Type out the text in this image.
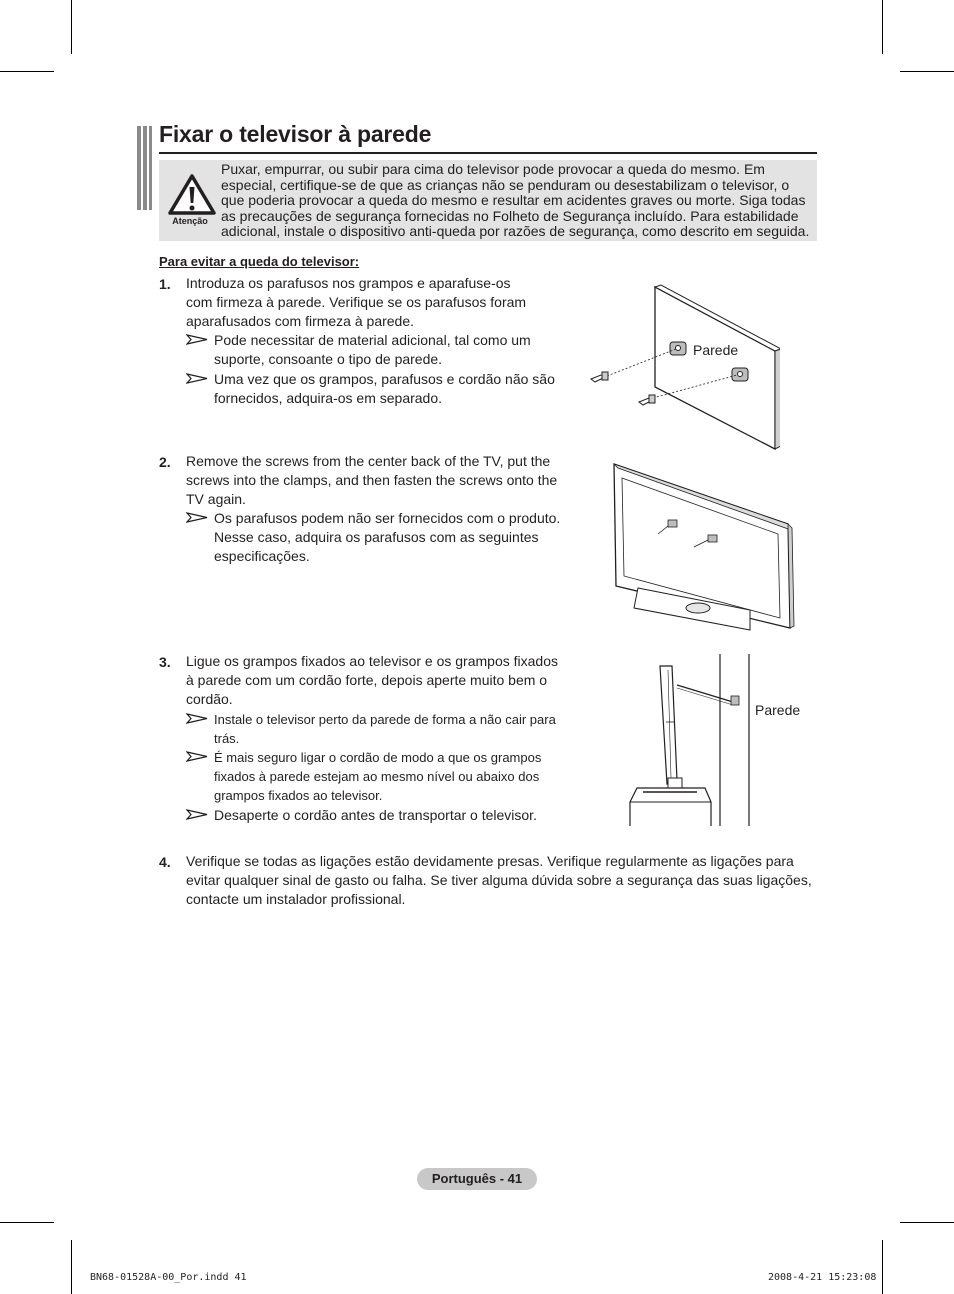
Fixar o televisor à parede
Atenção
Puxar, empurrar, ou subir para cima do televisor pode provocar a queda do mesmo. Em especial, certifique-se de que as crianças não se penduram ou desestabilizam o televisor, o que poderia provocar a queda do mesmo e resultar em acidentes graves ou morte. Siga todas as precauções de segurança fornecidas no Folheto de Segurança incluído. Para estabilidade adicional, instale o dispositivo anti-queda por razões de segurança, como descrito em seguida.
Para evitar a queda do televisor:
1. Introduza os parafusos nos grampos e aparafuse-os com firmeza à parede. Verifique se os parafusos foram aparafusados com firmeza à parede.
Pode necessitar de material adicional, tal como um suporte, consoante o tipo de parede.
Uma vez que os grampos, parafusos e cordão não são fornecidos, adquira-os em separado.
Parede
2. Remove the screws from the center back of the TV, put the screws into the clamps, and then fasten the screws onto the TV again.
Os parafusos podem não ser fornecidos com o produto. Nesse caso, adquira os parafusos com as seguintes especificações.
3. Ligue os grampos fixados ao televisor e os grampos fixados à parede com um cordão forte, depois aperte muito bem o cordão.
Instale o televisor perto da parede de forma a não cair para trás.
É mais seguro ligar o cordão de modo a que os grampos fixados à parede estejam ao mesmo nível ou abaixo dos grampos fixados ao televisor.
Desaperte o cordão antes de transportar o televisor.
Parede
4. Verifique se todas as ligações estão devidamente presas. Verifique regularmente as ligações para evitar qualquer sinal de gasto ou falha. Se tiver alguma dúvida sobre a segurança das suas ligações, contacte um instalador profissional.
Português - 41
BN68-01528A-00_Por.indd 41	2008-4-21 15:23:08
